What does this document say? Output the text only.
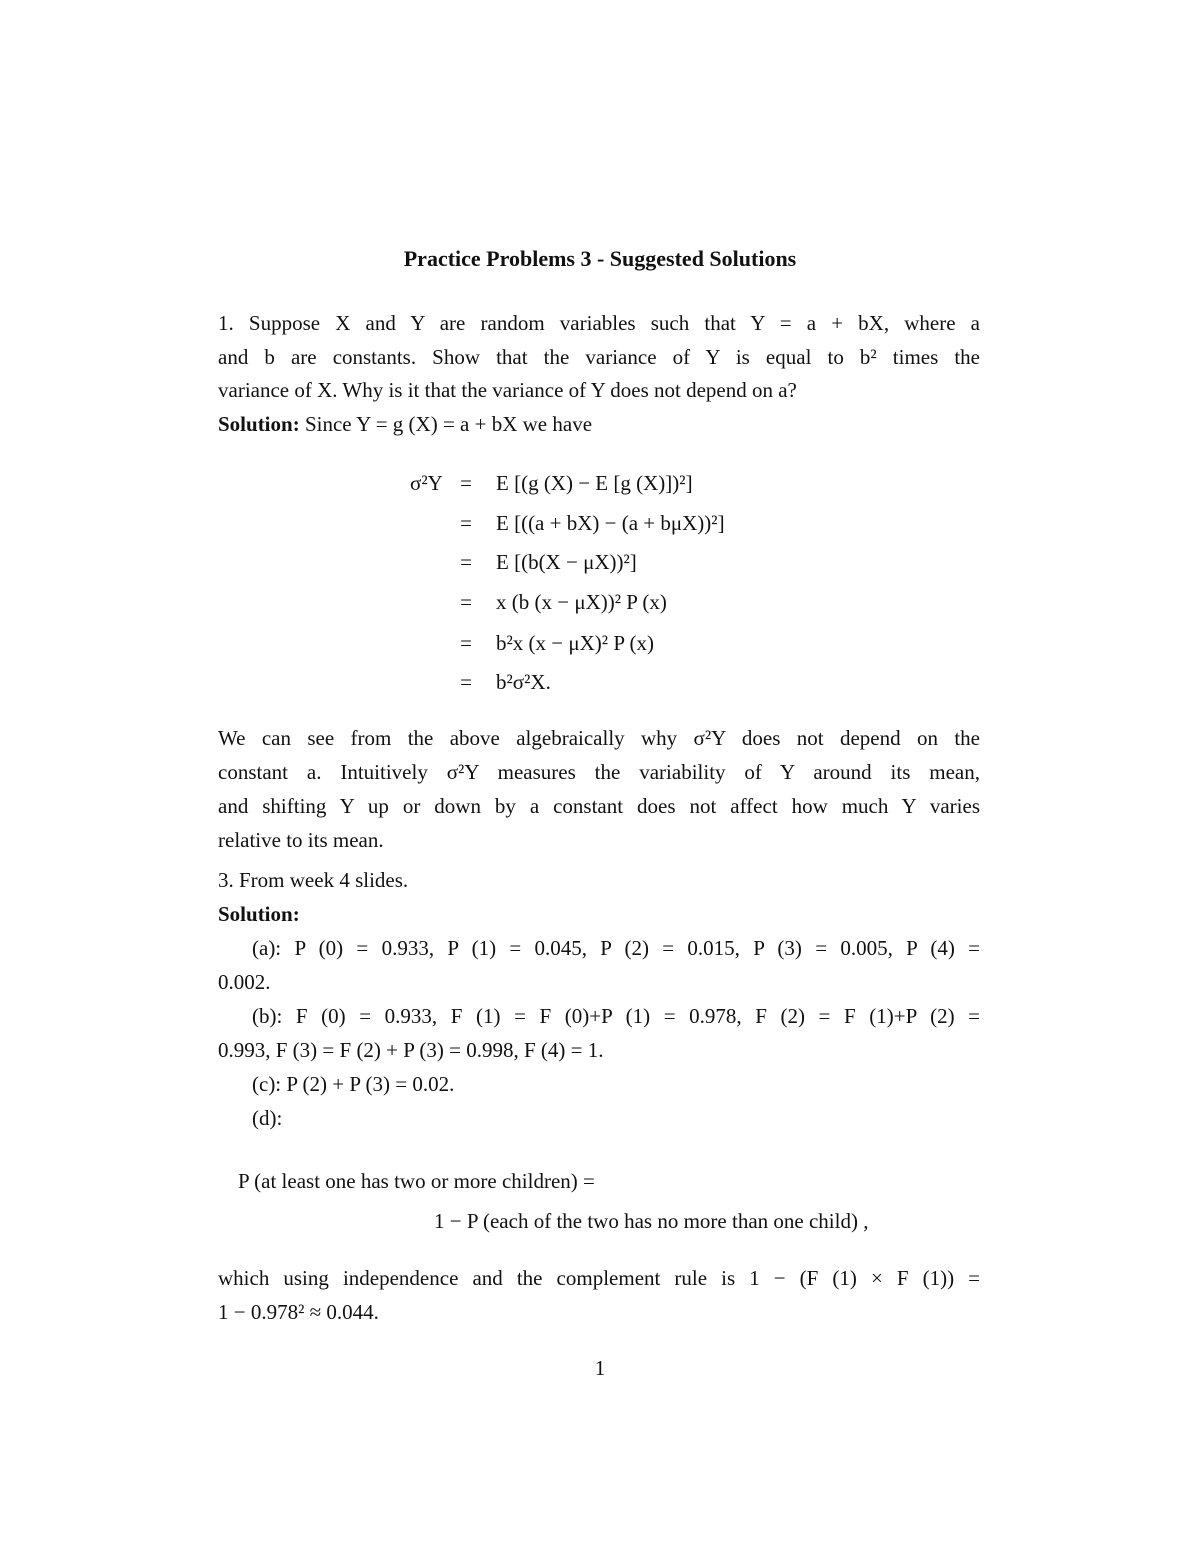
Practice Problems 3 - Suggested Solutions
1. Suppose X and Y are random variables such that Y = a + bX, where a
and b are constants. Show that the variance of Y is equal to b² times the
variance of X. Why is it that the variance of Y does not depend on a?
Solution: Since Y = g (X) = a + bX we have
σ²Y = E [(g (X) − E [g (X)])²]
= E [((a + bX) − (a + bμX))²]
= E [(b(X − μX))²]
= x (b (x − μX))² P (x)
= b²x (x − μX)² P (x)
= b²σ²X.
We can see from the above algebraically why σ²Y does not depend on the
constant a. Intuitively σ²Y measures the variability of Y around its mean,
and shifting Y up or down by a constant does not affect how much Y varies
relative to its mean.
3. From week 4 slides.
Solution:
(a): P (0) = 0.933, P (1) = 0.045, P (2) = 0.015, P (3) = 0.005, P (4) =
0.002.
(b): F (0) = 0.933, F (1) = F (0)+P (1) = 0.978, F (2) = F (1)+P (2) =
0.993, F (3) = F (2) + P (3) = 0.998, F (4) = 1.
(c): P (2) + P (3) = 0.02.
(d):
P (at least one has two or more children) =
1 − P (each of the two has no more than one child) ,
which using independence and the complement rule is 1 − (F (1) × F (1)) =
1 − 0.978² ≈ 0.044.
1
